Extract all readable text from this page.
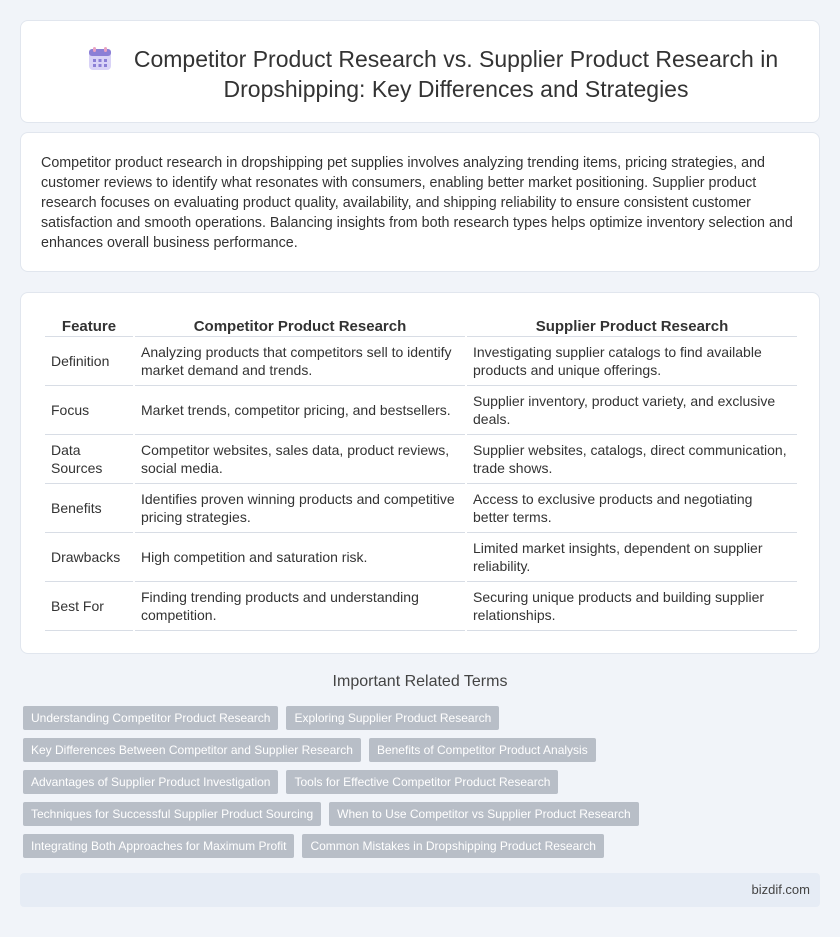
Competitor Product Research vs. Supplier Product Research in Dropshipping: Key Differences and Strategies

Competitor product research in dropshipping pet supplies involves analyzing trending items, pricing strategies, and customer reviews to identify what resonates with consumers, enabling better market positioning. Supplier product research focuses on evaluating product quality, availability, and shipping reliability to ensure consistent customer satisfaction and smooth operations. Balancing insights from both research types helps optimize inventory selection and enhances overall business performance.

Feature	Competitor Product Research	Supplier Product Research
Definition	Analyzing products that competitors sell to identify market demand and trends.	Investigating supplier catalogs to find available products and unique offerings.
Focus	Market trends, competitor pricing, and bestsellers.	Supplier inventory, product variety, and exclusive deals.
Data Sources	Competitor websites, sales data, product reviews, social media.	Supplier websites, catalogs, direct communication, trade shows.
Benefits	Identifies proven winning products and competitive pricing strategies.	Access to exclusive products and negotiating better terms.
Drawbacks	High competition and saturation risk.	Limited market insights, dependent on supplier reliability.
Best For	Finding trending products and understanding competition.	Securing unique products and building supplier relationships.
Important Related Terms
Understanding Competitor Product Research	Exploring Supplier Product Research
Key Differences Between Competitor and Supplier Research	Benefits of Competitor Product Analysis
Advantages of Supplier Product Investigation	Tools for Effective Competitor Product Research
Techniques for Successful Supplier Product Sourcing	When to Use Competitor vs Supplier Product Research
Integrating Both Approaches for Maximum Profit	Common Mistakes in Dropshipping Product Research
bizdif.com
